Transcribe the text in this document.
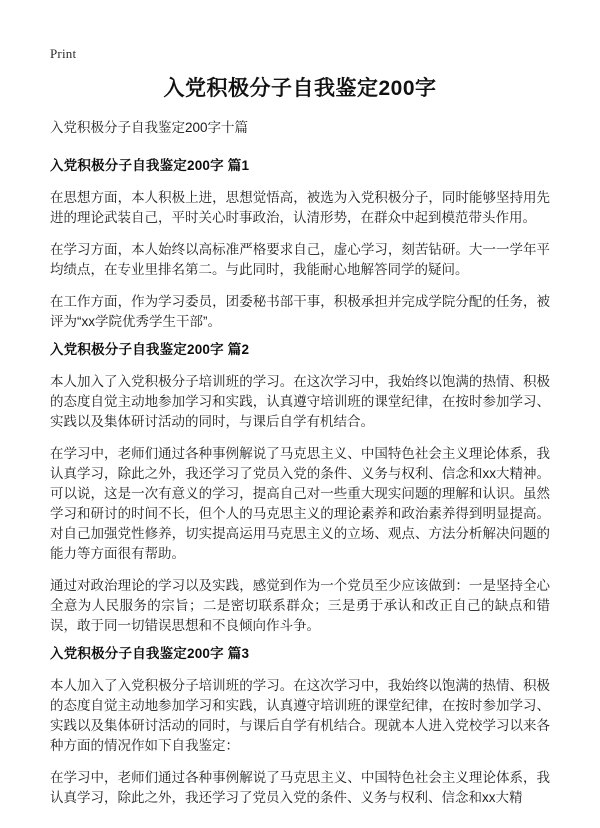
Print
入党积极分子自我鉴定200字

入党积极分子自我鉴定200字十篇

入党积极分子自我鉴定200字 篇1

在思想方面，本人积极上进，思想觉悟高，被选为入党积极分子，同时能够坚持用先进的理论武装自己，平时关心时事政治，认清形势，在群众中起到模范带头作用。

在学习方面，本人始终以高标准严格要求自己，虚心学习，刻苦钻研。大一一学年平均绩点，在专业里排名第二。与此同时，我能耐心地解答同学的疑问。

在工作方面，作为学习委员，团委秘书部干事，积极承担并完成学院分配的任务，被评为“xx学院优秀学生干部”。

入党积极分子自我鉴定200字 篇2

本人加入了入党积极分子培训班的学习。在这次学习中，我始终以饱满的热情、积极的态度自觉主动地参加学习和实践，认真遵守培训班的课堂纪律，在按时参加学习、实践以及集体研讨活动的同时，与课后自学有机结合。

在学习中，老师们通过各种事例解说了马克思主义、中国特色社会主义理论体系，我认真学习，除此之外，我还学习了党员入党的条件、义务与权利、信念和xx大精神。可以说，这是一次有意义的学习，提高自己对一些重大现实问题的理解和认识。虽然学习和研讨的时间不长，但个人的马克思主义的理论素养和政治素养得到明显提高。对自己加强党性修养，切实提高运用马克思主义的立场、观点、方法分析解决问题的能力等方面很有帮助。

通过对政治理论的学习以及实践，感觉到作为一个党员至少应该做到：一是坚持全心全意为人民服务的宗旨；二是密切联系群众；三是勇于承认和改正自己的缺点和错误，敢于同一切错误思想和不良倾向作斗争。

入党积极分子自我鉴定200字 篇3

本人加入了入党积极分子培训班的学习。在这次学习中，我始终以饱满的热情、积极的态度自觉主动地参加学习和实践，认真遵守培训班的课堂纪律，在按时参加学习、实践以及集体研讨活动的同时，与课后自学有机结合。现就本人进入党校学习以来各种方面的情况作如下自我鉴定：

在学习中，老师们通过各种事例解说了马克思主义、中国特色社会主义理论体系，我认真学习，除此之外，我还学习了党员入党的条件、义务与权利、信念和xx大精
